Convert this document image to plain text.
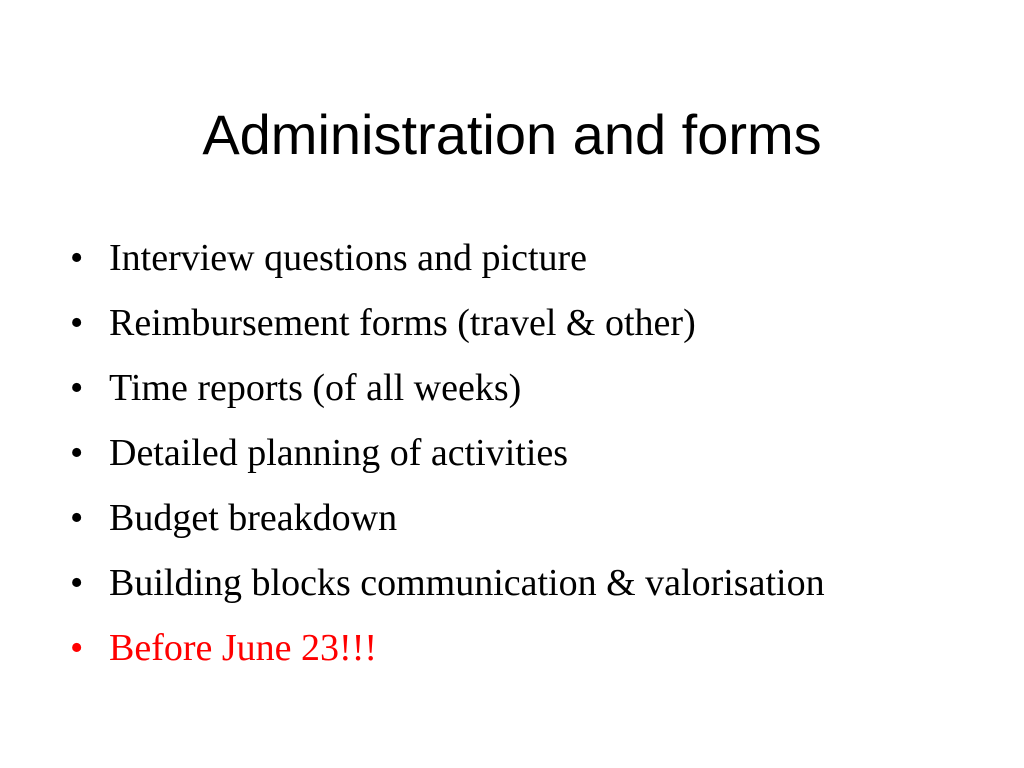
Administration and forms
• Interview questions and picture
• Reimbursement forms (travel & other)
• Time reports (of all weeks)
• Detailed planning of activities
• Budget breakdown
• Building blocks communication & valorisation
• Before June 23!!!
